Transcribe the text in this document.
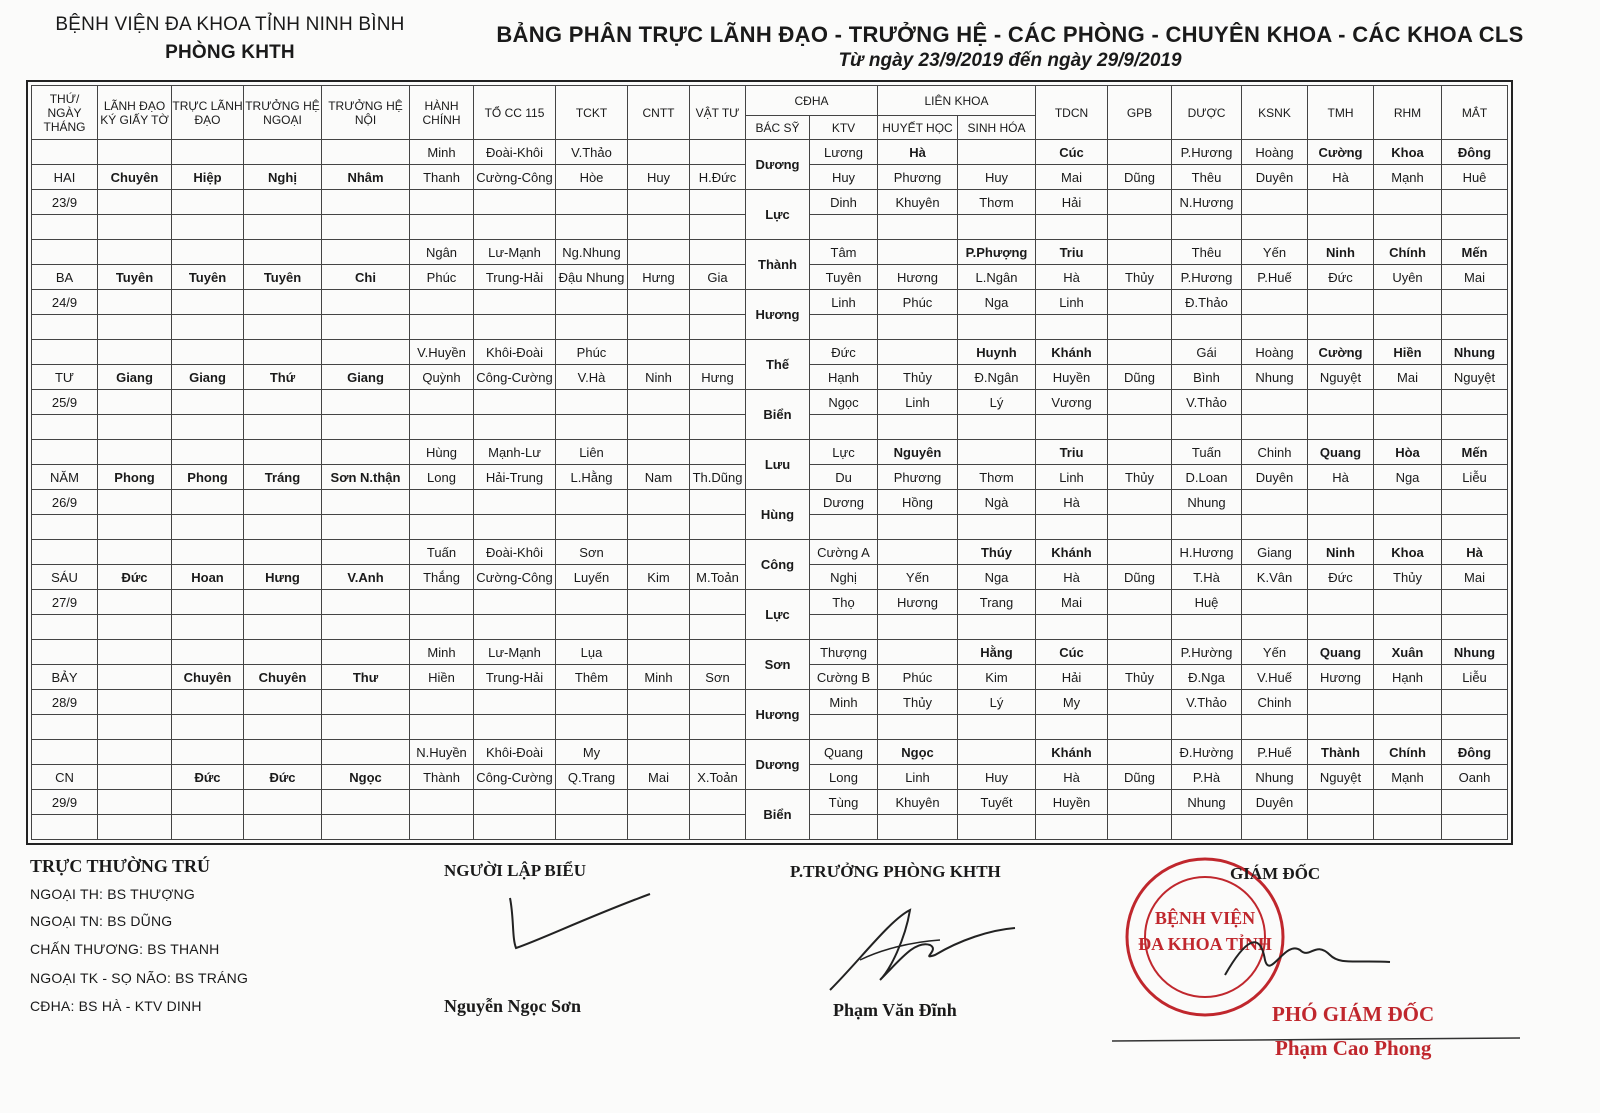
BỆNH VIỆN ĐA KHOA TỈNH NINH BÌNH
PHÒNG KHTH
BẢNG PHÂN TRỰC LÃNH ĐẠO - TRƯỞNG HỆ - CÁC PHÒNG - CHUYÊN KHOA - CÁC KHOA CLS
Từ ngày 23/9/2019 đến ngày 29/9/2019
THỨ/ NGÀY THÁNG	LÃNH ĐẠO KÝ GIẤY TỜ	TRỰC LÃNH ĐẠO	TRƯỞNG HỆ NGOẠI	TRƯỞNG HỆ NỘI	HÀNH CHÍNH	TỔ CC 115	TCKT	CNTT	VẬT TƯ	CĐHA		LIÊN KHOA		TDCN	GPB	DƯỢC	KSNK	TMH	RHM	MẮT
										BÁC SỸ	KTV	HUYẾT HỌC	SINH HÓA							
					Minh	Đoài-Khôi	V.Thảo			Dương	Lương	Hà		Cúc		P.Hương	Hoàng	Cường	Khoa	Đông
HAI	Chuyên	Hiệp	Nghị	Nhâm	Thanh	Cường-Công	Hòe	Huy	H.Đức		Huy	Phương	Huy	Mai	Dũng	Thêu	Duyên	Hà	Mạnh	Huê
23/9										Lực	Dinh	Khuyên	Thơm	Hải		N.Hương				

					Ngân	Lư-Mạnh	Ng.Nhung			Thành	Tâm		P.Phượng	Triu		Thêu	Yến	Ninh	Chính	Mến
BA	Tuyên	Tuyên	Tuyên	Chi	Phúc	Trung-Hải	Đậu Nhung	Hưng	Gia		Tuyên	Hương	L.Ngân	Hà	Thủy	P.Hương	P.Huế	Đức	Uyên	Mai
24/9										Hương	Linh	Phúc	Nga	Linh		Đ.Thảo				

					V.Huyền	Khôi-Đoài	Phúc			Thế	Đức		Huynh	Khánh		Gái	Hoàng	Cường	Hiền	Nhung
TƯ	Giang	Giang	Thứ	Giang	Quỳnh	Công-Cường	V.Hà	Ninh	Hưng		Hạnh	Thủy	Đ.Ngân	Huyền	Dũng	Bình	Nhung	Nguyệt	Mai	Nguyệt
25/9										Biển	Ngọc	Linh	Lý	Vương		V.Thảo				

					Hùng	Mạnh-Lư	Liên			Lưu	Lực	Nguyên		Triu		Tuấn	Chinh	Quang	Hòa	Mến
NĂM	Phong	Phong	Tráng	Sơn N.thận	Long	Hải-Trung	L.Hằng	Nam	Th.Dũng		Du	Phương	Thơm	Linh	Thủy	D.Loan	Duyên	Hà	Nga	Liễu
26/9										Hùng	Dương	Hồng	Ngà	Hà		Nhung				

					Tuấn	Đoài-Khôi	Sơn			Công	Cường A		Thúy	Khánh		H.Hương	Giang	Ninh	Khoa	Hà
SÁU	Đức	Hoan	Hưng	V.Anh	Thắng	Cường-Công	Luyến	Kim	M.Toản		Nghị	Yến	Nga	Hà	Dũng	T.Hà	K.Vân	Đức	Thủy	Mai
27/9										Lực	Thọ	Hương	Trang	Mai		Huệ				

					Minh	Lư-Mạnh	Lụa			Sơn	Thượng		Hằng	Cúc		P.Hường	Yến	Quang	Xuân	Nhung
BẢY		Chuyên	Chuyên	Thư	Hiền	Trung-Hải	Thêm	Minh	Sơn		Cường B	Phúc	Kim	Hải	Thủy	Đ.Nga	V.Huế	Hương	Hạnh	Liễu
28/9										Hương	Minh	Thủy	Lý	My		V.Thảo	Chinh			

					N.Huyền	Khôi-Đoài	My			Dương	Quang	Ngọc		Khánh		Đ.Hường	P.Huế	Thành	Chính	Đông
CN		Đức	Đức	Ngọc	Thành	Công-Cường	Q.Trang	Mai	X.Toản		Long	Linh	Huy	Hà	Dũng	P.Hà	Nhung	Nguyệt	Mạnh	Oanh
29/9										Biển	Tùng	Khuyên	Tuyết	Huyền		Nhung	Duyên			

TRỰC THƯỜNG TRÚ
NGOẠI TH: BS THƯỢNG
NGOẠI TN: BS DŨNG
CHẤN THƯƠNG: BS THANH
NGOẠI TK - SỌ NÃO: BS TRÁNG
CĐHA: BS HÀ - KTV DINH
NGƯỜI LẬP BIỂU
Nguyễn Ngọc Sơn
P.TRƯỞNG PHÒNG KHTH
Phạm Văn Đĩnh
BỆNH VIỆN
ĐA KHOA TỈNH
GIÁM ĐỐC
PHÓ GIÁM ĐỐC
Phạm Cao Phong
